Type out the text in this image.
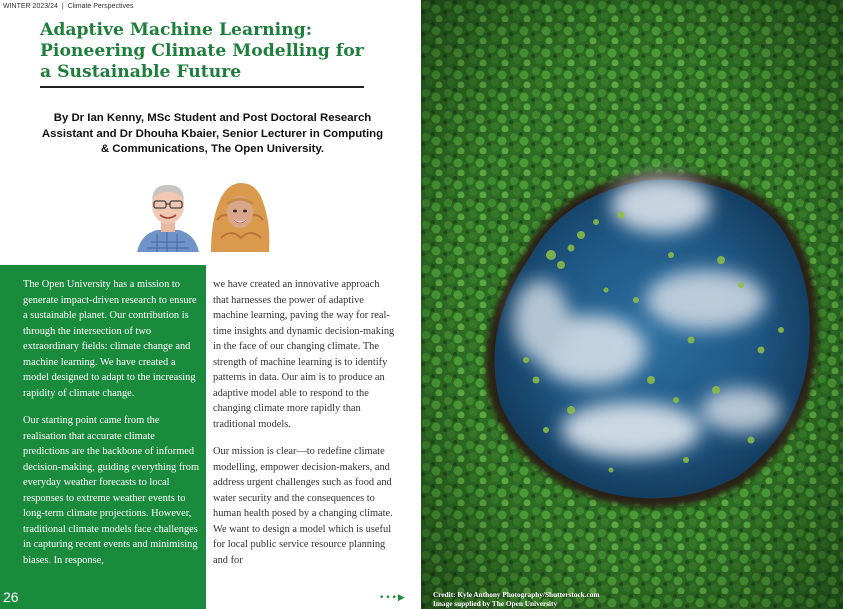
WINTER 2023/24 | Climate Perspectives
Adaptive Machine Learning: Pioneering Climate Modelling for a Sustainable Future
By Dr Ian Kenny, MSc Student and Post Doctoral Research Assistant and Dr Dhouha Kbaier, Senior Lecturer in Computing & Communications, The Open University.

The Open University has a mission to generate impact-driven research to ensure a sustainable planet. Our contribution is through the intersection of two extraordinary fields: climate change and machine learning. We have created a model designed to adapt to the increasing rapidity of climate change.

Our starting point came from the realisation that accurate climate predictions are the backbone of informed decision-making, guiding everything from everyday weather forecasts to local responses to extreme weather events to long-term climate projections. However, traditional climate models face challenges in capturing recent events and minimising biases. In response,

we have created an innovative approach that harnesses the power of adaptive machine learning, paving the way for real-time insights and dynamic decision-making in the face of our changing climate. The strength of machine learning is to identify patterns in data. Our aim is to produce an adaptive model able to respond to the changing climate more rapidly than traditional models.

Our mission is clear—to redefine climate modelling, empower decision-makers, and address urgent challenges such as food and water security and the consequences to human health posed by a changing climate. We want to design a model which is useful for local public service resource planning and for

26	•••▶	Credit: Kyle Anthony Photography/Shutterstock.com
Image supplied by The Open University
